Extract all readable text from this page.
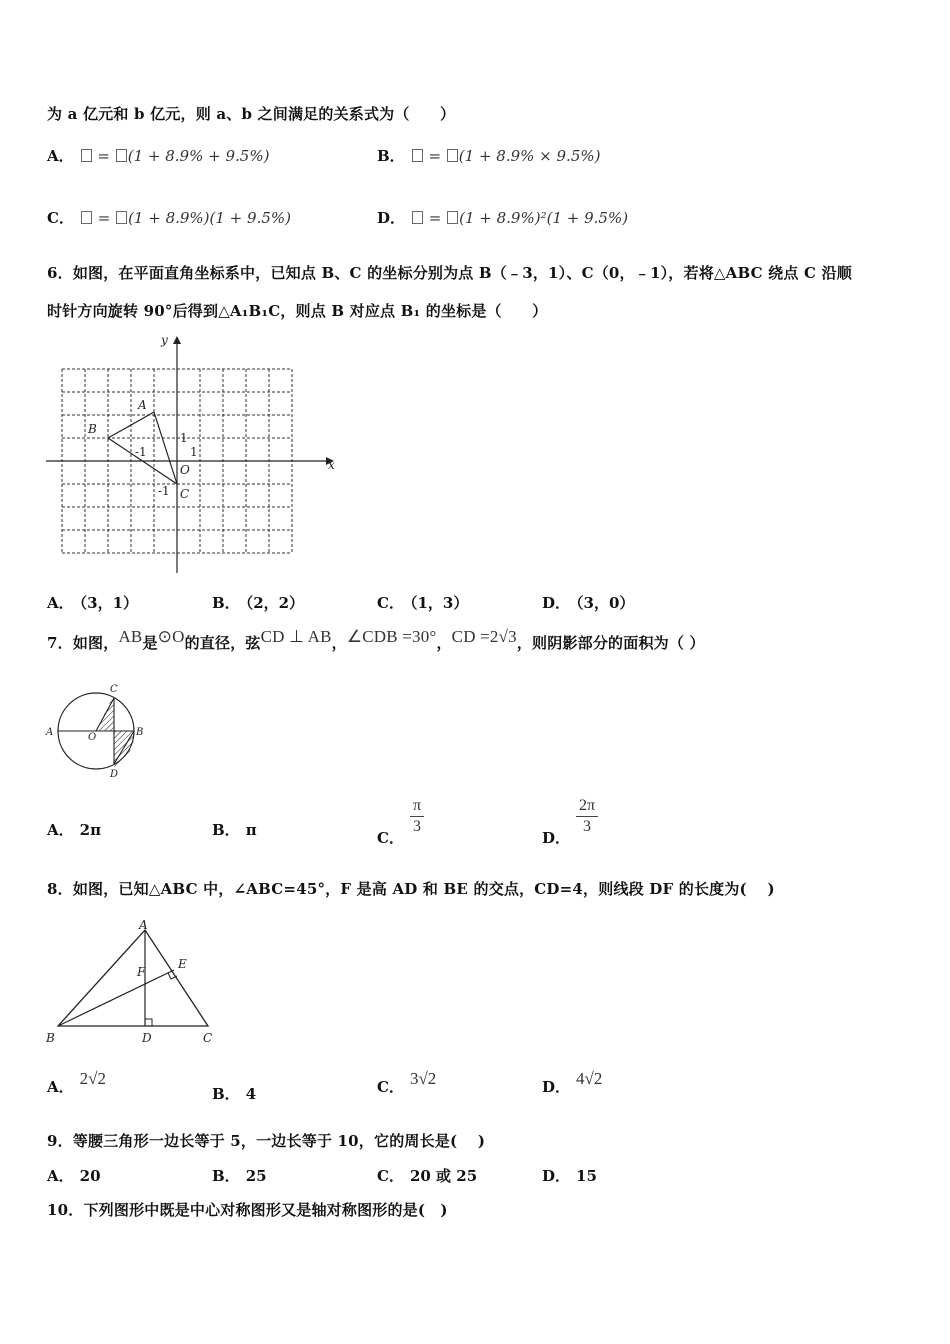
为 a 亿元和 b 亿元，则 a、b 之间满足的关系式为（　　）
A． = (1 + 8.9% + 9.5%)	B． = (1 + 8.9% × 9.5%)
C． = (1 + 8.9%)(1 + 9.5%)	D． = (1 + 8.9%)²(1 + 9.5%)
6．如图，在平面直角坐标系中，已知点 B、C 的坐标分别为点 B（﹣3，1）、C（0，﹣1），若将△ABC 绕点 C 沿顺
时针方向旋转 90°后得到△A₁B₁C，则点 B 对应点 B₁ 的坐标是（　　）
A
B
C
O	x
y
1
1
-1
-1
A． （3，1）	B． （2，2）	C． （1，3）	D． （3，0）
7．如图，AB是⊙O的直径，弦CD ⊥ AB，∠CDB =30°，CD =2√3，则阴影部分的面积为（ ）
A	B
C
D
O
A． 2π	B． π	C．
$\frac{\pi}{3}$
D．
$\frac{2\pi}{3}$
8．如图，已知△ABC 中，∠ABC=45°，F 是高 AD 和 BE 的交点，CD=4，则线段 DF 的长度为(　 )
A
B	C
D
E
F
A． 2√2
B． 4	C． 3√2	D． 4√2
9．等腰三角形一边长等于 5，一边长等于 10，它的周长是(　 )
A． 20	B． 25	C． 20 或 25	D． 15
10．下列图形中既是中心对称图形又是轴对称图形的是(　)
